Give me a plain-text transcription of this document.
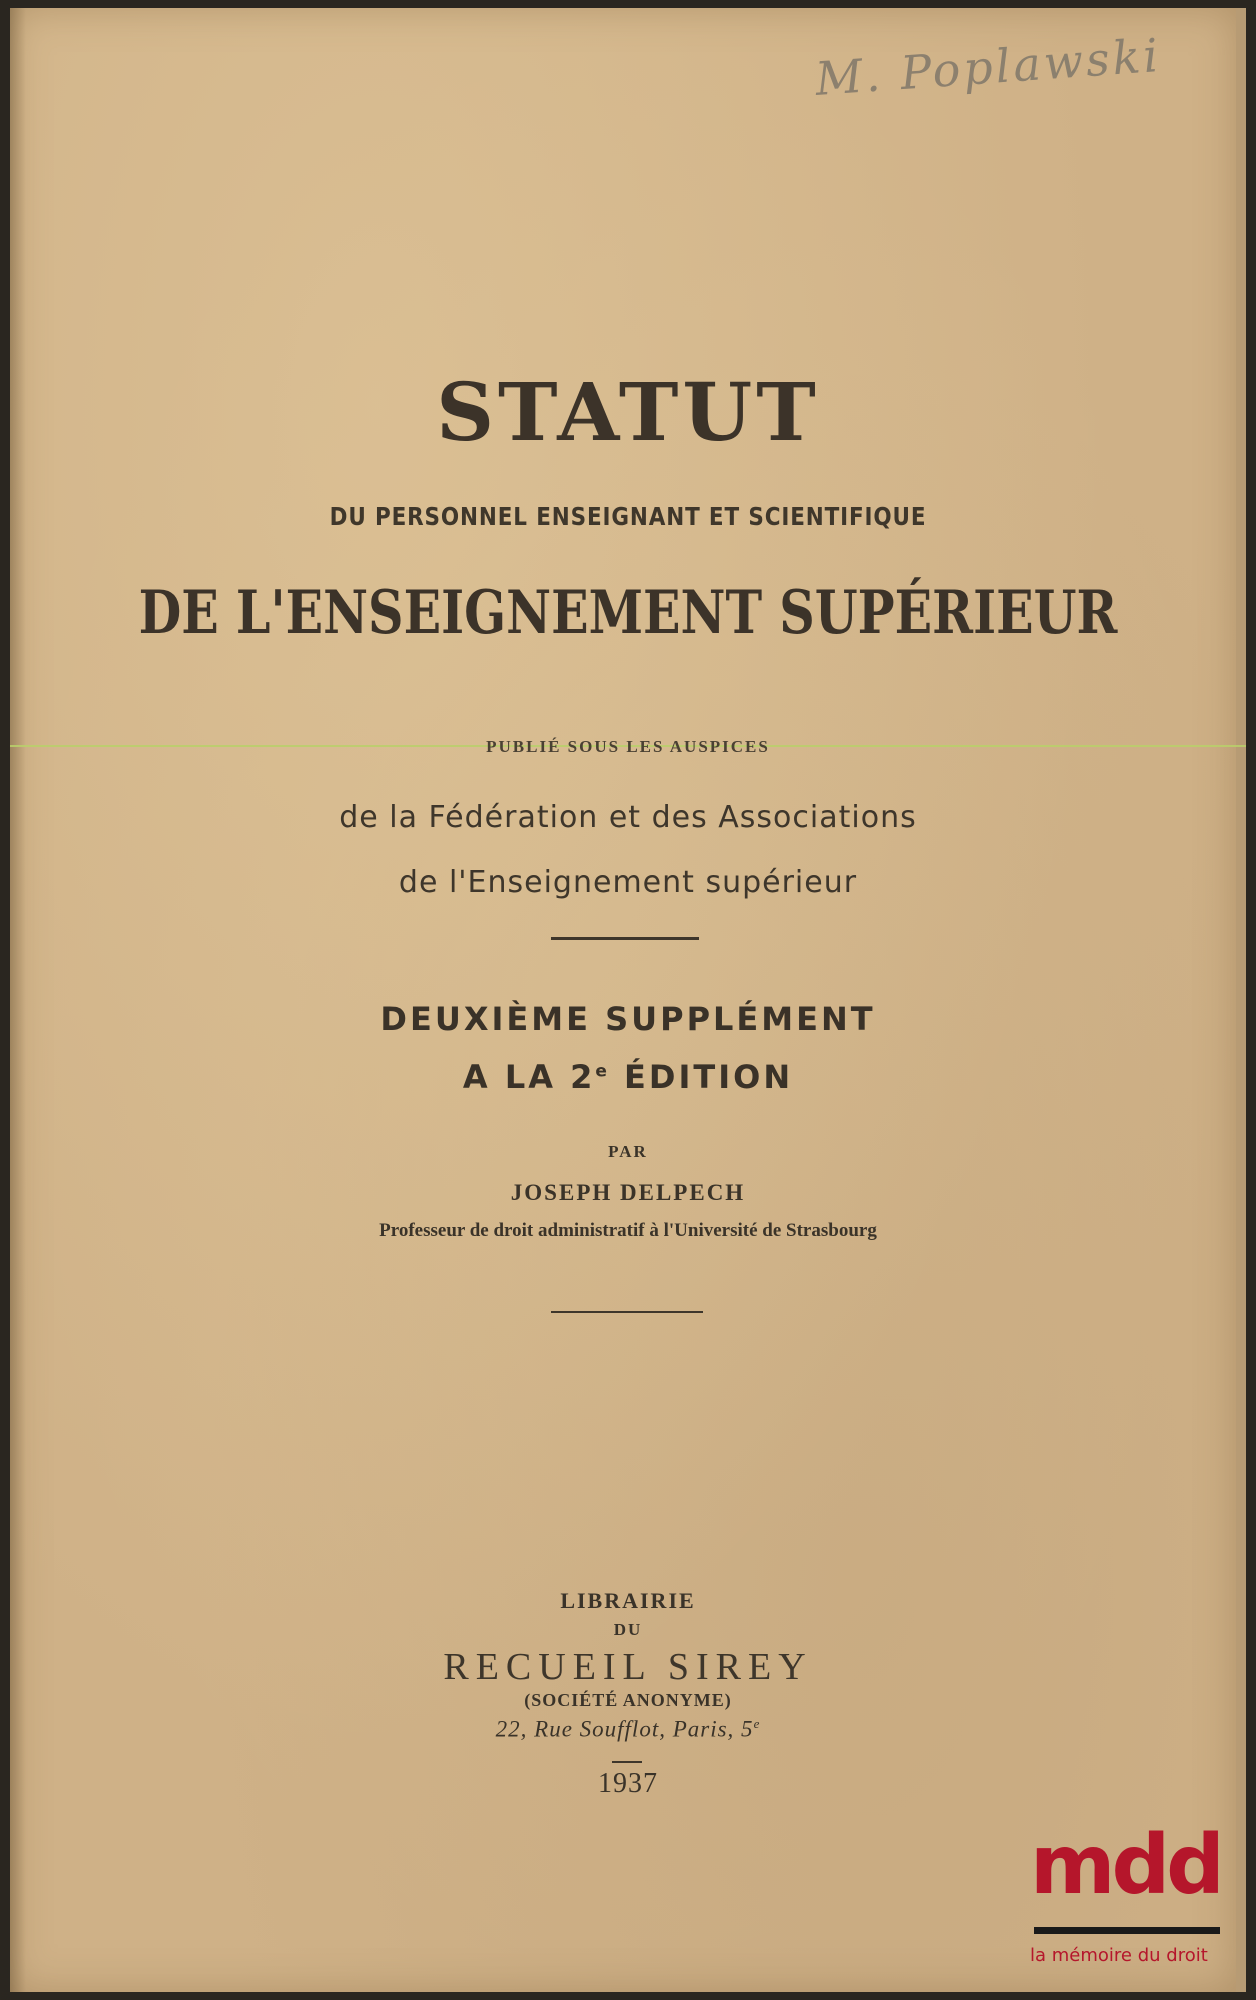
M. Poplawski
STATUT
DU PERSONNEL ENSEIGNANT ET SCIENTIFIQUE
DE L'ENSEIGNEMENT SUPÉRIEUR
PUBLIÉ SOUS LES AUSPICES
de la Fédération et des Associations
de l'Enseignement supérieur
DEUXIÈME SUPPLÉMENT
A LA 2e ÉDITION
PAR
JOSEPH DELPECH
Professeur de droit administratif à l'Université de Strasbourg
LIBRAIRIE
DU
RECUEIL SIREY
(SOCIÉTÉ ANONYME)
22, Rue Soufflot, Paris, 5e
1937
mdd
la mémoire du droit
